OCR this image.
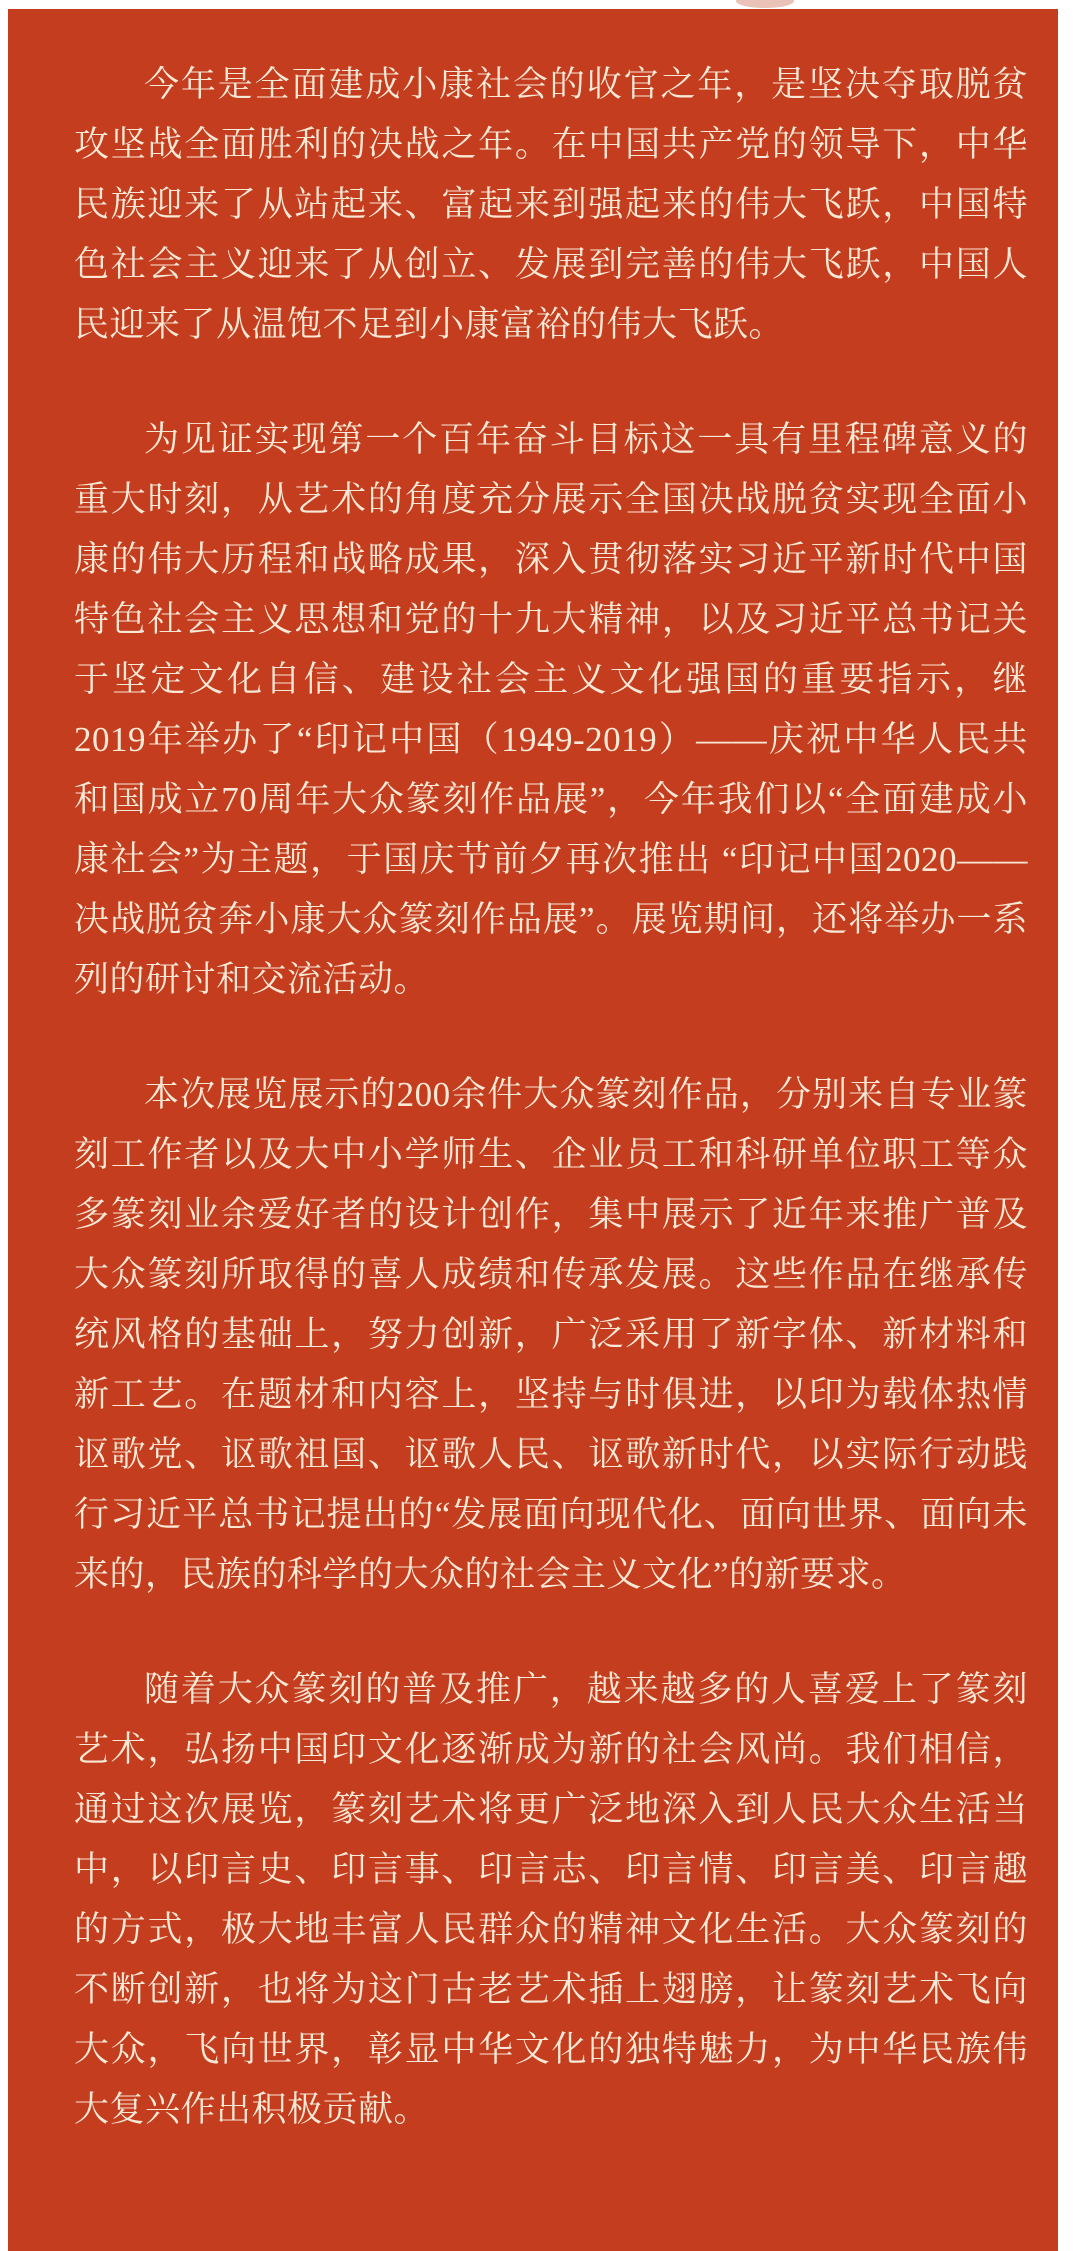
今年是全面建成小康社会的收官之年，是坚决夺取脱贫攻坚战全面胜利的决战之年。在中国共产党的领导下，中华民族迎来了从站起来、富起来到强起来的伟大飞跃，中国特色社会主义迎来了从创立、发展到完善的伟大飞跃，中国人民迎来了从温饱不足到小康富裕的伟大飞跃。

为见证实现第一个百年奋斗目标这一具有里程碑意义的重大时刻，从艺术的角度充分展示全国决战脱贫实现全面小康的伟大历程和战略成果，深入贯彻落实习近平新时代中国特色社会主义思想和党的十九大精神，以及习近平总书记关于坚定文化自信、建设社会主义文化强国的重要指示，继2019年举办了“印记中国（1949-2019）——庆祝中华人民共和国成立70周年大众篆刻作品展”，今年我们以“全面建成小康社会”为主题，于国庆节前夕再次推出 “印记中国2020——决战脱贫奔小康大众篆刻作品展”。展览期间，还将举办一系列的研讨和交流活动。

本次展览展示的200余件大众篆刻作品，分别来自专业篆刻工作者以及大中小学师生、企业员工和科研单位职工等众多篆刻业余爱好者的设计创作，集中展示了近年来推广普及大众篆刻所取得的喜人成绩和传承发展。这些作品在继承传统风格的基础上，努力创新，广泛采用了新字体、新材料和新工艺。在题材和内容上，坚持与时俱进，以印为载体热情讴歌党、讴歌祖国、讴歌人民、讴歌新时代，以实际行动践行习近平总书记提出的“发展面向现代化、面向世界、面向未来的，民族的科学的大众的社会主义文化”的新要求。

随着大众篆刻的普及推广，越来越多的人喜爱上了篆刻艺术，弘扬中国印文化逐渐成为新的社会风尚。我们相信，通过这次展览，篆刻艺术将更广泛地深入到人民大众生活当中，以印言史、印言事、印言志、印言情、印言美、印言趣的方式，极大地丰富人民群众的精神文化生活。大众篆刻的不断创新，也将为这门古老艺术插上翅膀，让篆刻艺术飞向大众，飞向世界，彰显中华文化的独特魅力，为中华民族伟大复兴作出积极贡献。
